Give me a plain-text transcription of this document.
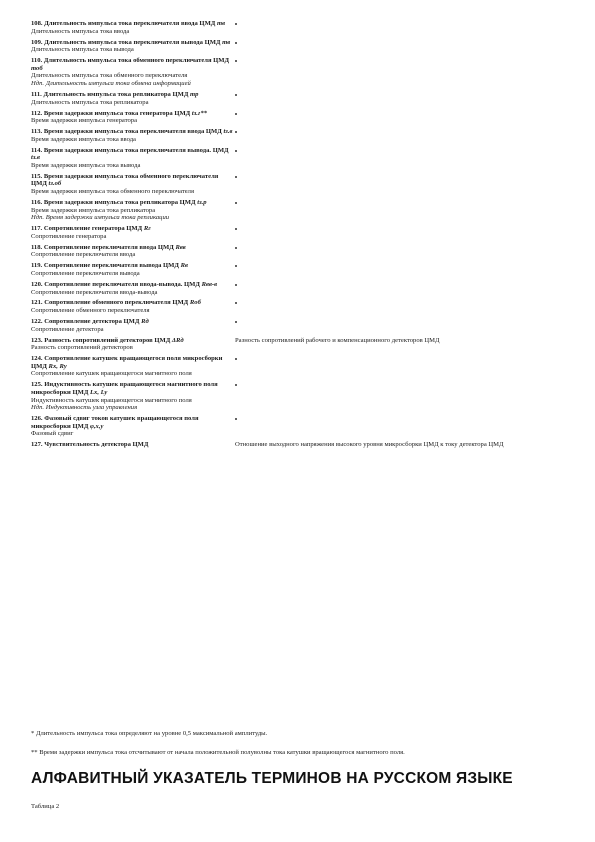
108. Длительность импульса тока переключателя ввода ЦМД тв
Длительность импульса тока ввода
109. Длительность импульса тока переключателя вывода ЦМД тв
Длительность импульса тока вывода
110. Длительность импульса тока обменного переключателя ЦМД тоб
Длительность импульса тока обменного переключателя
Ндп. Длительность импульса тока обмена информацией
111. Длительность импульса тока репликатора ЦМД тр
Длительность импульса тока репликатора
112. Время задержки импульса тока генератора ЦМД tз.г**
Время задержки импульса генератора
113. Время задержки импульса тока переключателя ввода ЦМД tз.в
Время задержки импульса тока ввода
114. Время задержки импульса тока переключателя вывода. ЦМД tз.в
Время задержки импульса тока вывода
115. Время задержки импульса тока обменного переключателя ЦМД tз.об
Время задержки импульса тока обменного переключателя
116. Время задержки импульса тока репликатора ЦМД tз.р
Время задержки импульса тока репликатора
Ндп. Время задержки импульса тока репликации
117. Сопротивление генератора ЦМД Rг
Сопротивление генератора
118. Сопротивление переключателя ввода ЦМД Rвв
Сопротивление переключателя ввода
119. Сопротивление переключателя вывода ЦМД Rв
Сопротивление переключателя вывода
120. Сопротивление переключателя ввода-вывода. ЦМД Rвв-в
Сопротивление переключателя ввода-вывода
121. Сопротивление обменного переключателя ЦМД Rоб
Сопротивление обменного переключателя
122. Сопротивление детектора ЦМД Rд
Сопротивление детектора
123. Разность сопротивлений детекторов ЦМД ΔRд
Разность сопротивлений детекторов
Разность сопротивлений рабочего и компенсационного детекторов ЦМД
124. Сопротивление катушек вращающегося поля микросборки ЦМД Rx, Ry
Сопротивление катушек вращающегося магнитного поля
125. Индуктивность катушек вращающегося магнитного поля микросборки ЦМД Lx, Ly
Индуктивность катушек вращающегося магнитного поля
Ндп. Индуктивность узла управления
126. Фазовый сдвиг токов катушек вращающегося поля микросборки ЦМД φ,х,у
Фазовый сдвиг
127. Чувствительность детектора ЦМД	Отношение выходного напряжения высокого уровня микросборки ЦМД к току детектора ЦМД

* Длительность импульса тока определяют на уровне 0,5 максимальной амплитуды.

** Время задержки импульса тока отсчитывают от начала положительной полуволны тока катушки вращающегося магнитного поля.

АЛФАВИТНЫЙ УКАЗАТЕЛЬ ТЕРМИНОВ НА РУССКОМ ЯЗЫКЕ
Таблица 2
